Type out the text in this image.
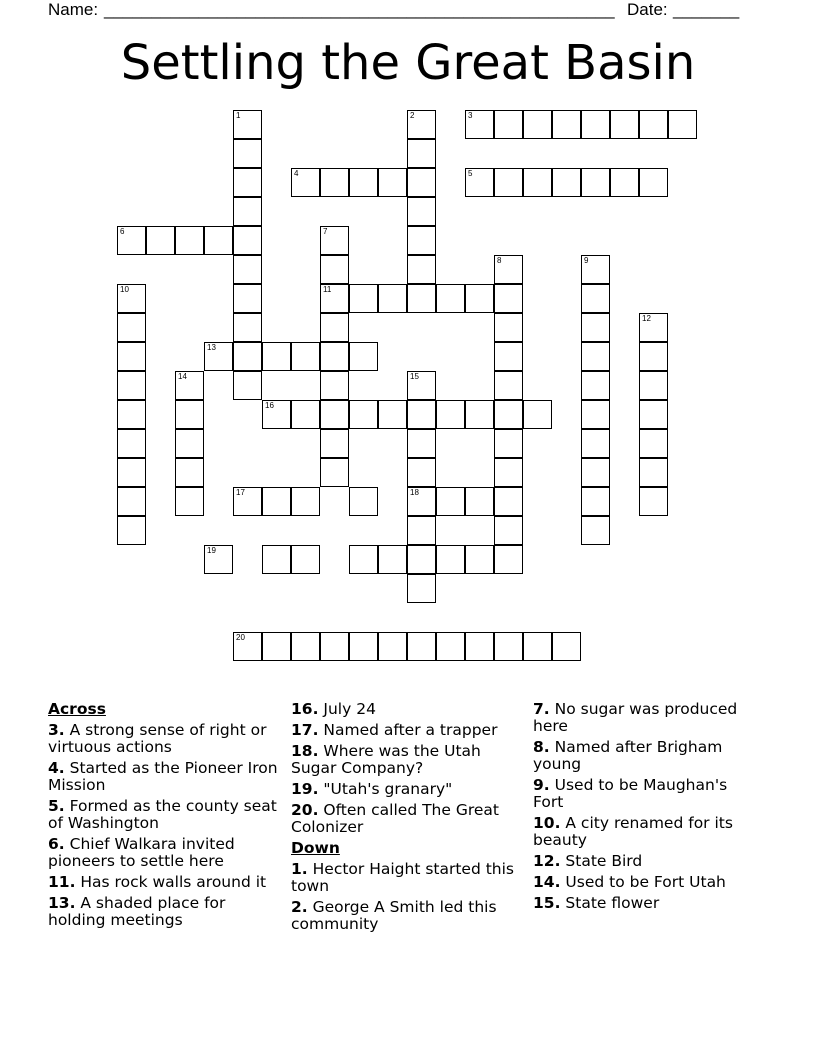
Name: ______________________________________________________ Date: _______
Settling the Great Basin
1	2	3
4	5
6	7
11
8	9
10
12
13
14	15
18
16
17
19
20
Across
3. A strong sense of right or virtuous actions
4. Started as the Pioneer Iron Mission
5. Formed as the county seat of Washington
6. Chief Walkara invited pioneers to settle here
11. Has rock walls around it
13. A shaded place for holding meetings
16. July 24
17. Named after a trapper
18. Where was the Utah Sugar Company?
19. "Utah's granary"
20. Often called The Great Colonizer
Down
1. Hector Haight started this town
2. George A Smith led this community
7. No sugar was produced here
8. Named after Brigham young
9. Used to be Maughan's Fort
10. A city renamed for its beauty
12. State Bird
14. Used to be Fort Utah
15. State flower
